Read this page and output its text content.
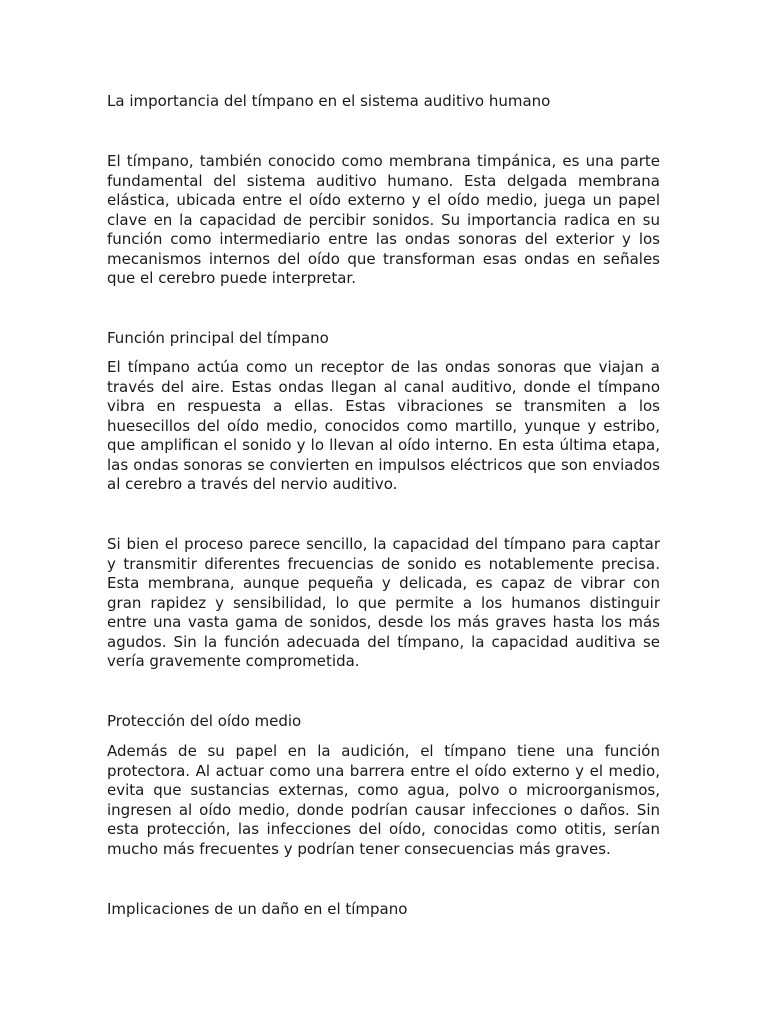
La importancia del tímpano en el sistema auditivo humano

El tímpano, también conocido como membrana timpánica, es una parte fundamental del sistema auditivo humano. Esta delgada membrana elástica, ubicada entre el oído externo y el oído medio, juega un papel clave en la capacidad de percibir sonidos. Su importancia radica en su función como intermediario entre las ondas sonoras del exterior y los mecanismos internos del oído que transforman esas ondas en señales que el cerebro puede interpretar.

Función principal del tímpano

El tímpano actúa como un receptor de las ondas sonoras que viajan a través del aire. Estas ondas llegan al canal auditivo, donde el tímpano vibra en respuesta a ellas. Estas vibraciones se transmiten a los huesecillos del oído medio, conocidos como martillo, yunque y estribo, que amplifican el sonido y lo llevan al oído interno. En esta última etapa, las ondas sonoras se convierten en impulsos eléctricos que son enviados al cerebro a través del nervio auditivo.

Si bien el proceso parece sencillo, la capacidad del tímpano para captar y transmitir diferentes frecuencias de sonido es notablemente precisa. Esta membrana, aunque pequeña y delicada, es capaz de vibrar con gran rapidez y sensibilidad, lo que permite a los humanos distinguir entre una vasta gama de sonidos, desde los más graves hasta los más agudos. Sin la función adecuada del tímpano, la capacidad auditiva se vería gravemente comprometida.

Protección del oído medio

Además de su papel en la audición, el tímpano tiene una función protectora. Al actuar como una barrera entre el oído externo y el medio, evita que sustancias externas, como agua, polvo o microorganismos, ingresen al oído medio, donde podrían causar infecciones o daños. Sin esta protección, las infecciones del oído, conocidas como otitis, serían mucho más frecuentes y podrían tener consecuencias más graves.

Implicaciones de un daño en el tímpano
